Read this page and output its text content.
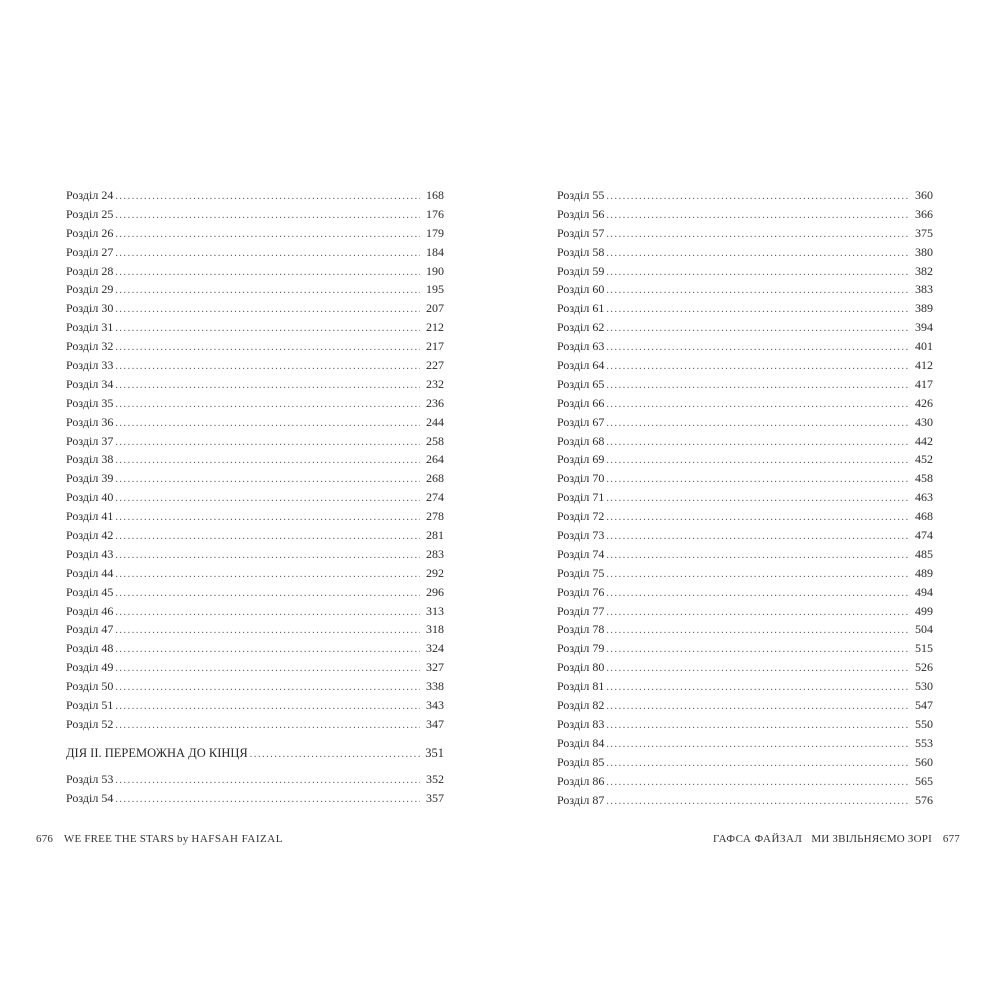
Розділ 24 .....	168
Розділ 25 .....	176
Розділ 26 .....	179
Розділ 27 .....	184
Розділ 28 .....	190
Розділ 29 .....	195
Розділ 30 .....	207
Розділ 31 .....	212
Розділ 32 .....	217
Розділ 33 .....	227
Розділ 34 .....	232
Розділ 35 .....	236
Розділ 36 .....	244
Розділ 37 .....	258
Розділ 38 .....	264
Розділ 39 .....	268
Розділ 40 .....	274
Розділ 41 .....	278
Розділ 42 .....	281
Розділ 43 .....	283
Розділ 44 .....	292
Розділ 45 .....	296
Розділ 46 .....	313
Розділ 47 .....	318
Розділ 48 .....	324
Розділ 49 .....	327
Розділ 50 .....	338
Розділ 51 .....	343
Розділ 52 .....	347
ДІЯ ІІ. ПЕРЕМОЖНА ДО КІНЦЯ .....	351
Розділ 53 .....	352
Розділ 54 .....	357
Розділ 55 .....	360
Розділ 56 .....	366
Розділ 57 .....	375
Розділ 58 .....	380
Розділ 59 .....	382
Розділ 60 .....	383
Розділ 61 .....	389
Розділ 62 .....	394
Розділ 63 .....	401
Розділ 64 .....	412
Розділ 65 .....	417
Розділ 66 .....	426
Розділ 67 .....	430
Розділ 68 .....	442
Розділ 69 .....	452
Розділ 70 .....	458
Розділ 71 .....	463
Розділ 72 .....	468
Розділ 73 .....	474
Розділ 74 .....	485
Розділ 75 .....	489
Розділ 76 .....	494
Розділ 77 .....	499
Розділ 78 .....	504
Розділ 79 .....	515
Розділ 80 .....	526
Розділ 81 .....	530
Розділ 82 .....	547
Розділ 83 .....	550
Розділ 84 .....	553
Розділ 85 .....	560
Розділ 86 .....	565
Розділ 87 .....	576
676 WE FREE THE STARS by HAFSAH FAIZAL	ГАФСА ФАЙЗАЛ МИ ЗВІЛЬНЯЄМО ЗОРІ 677
